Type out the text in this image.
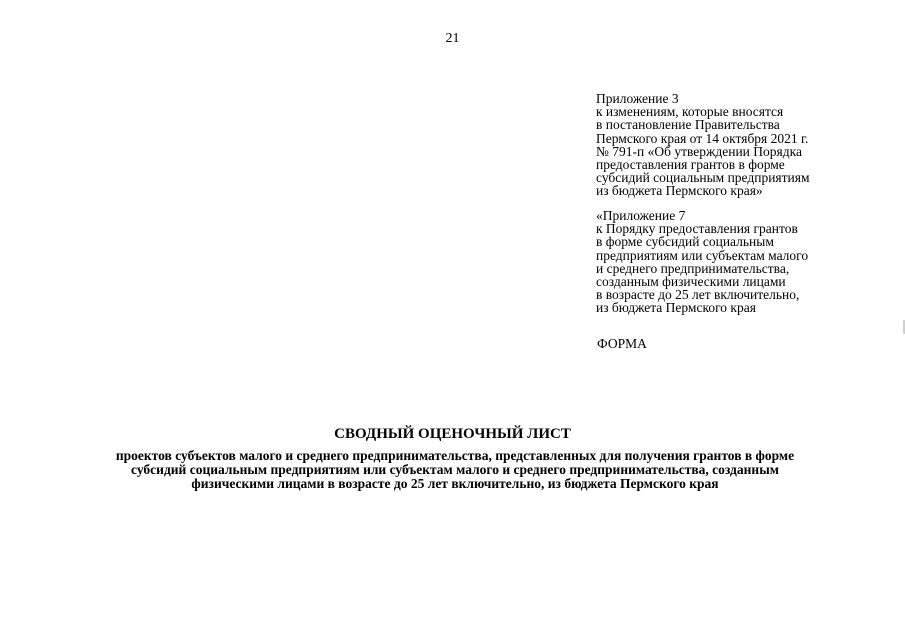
21
Приложение 3
к изменениям, которые вносятся
в постановление Правительства
Пермского края от 14 октября 2021 г.
№ 791-п «Об утверждении Порядка
предоставления грантов в форме
субсидий социальным предприятиям
из бюджета Пермского края»
«Приложение 7
к Порядку предоставления грантов
в форме субсидий социальным
предприятиям или субъектам малого
и среднего предпринимательства,
созданным физическими лицами
в возрасте до 25 лет включительно,
из бюджета Пермского края
ФОРМА
СВОДНЫЙ ОЦЕНОЧНЫЙ ЛИСТ
проектов субъектов малого и среднего предпринимательства, представленных для получения грантов в форме
субсидий социальным предприятиям или субъектам малого и среднего предпринимательства, созданным
физическими лицами в возрасте до 25 лет включительно, из бюджета Пермского края
